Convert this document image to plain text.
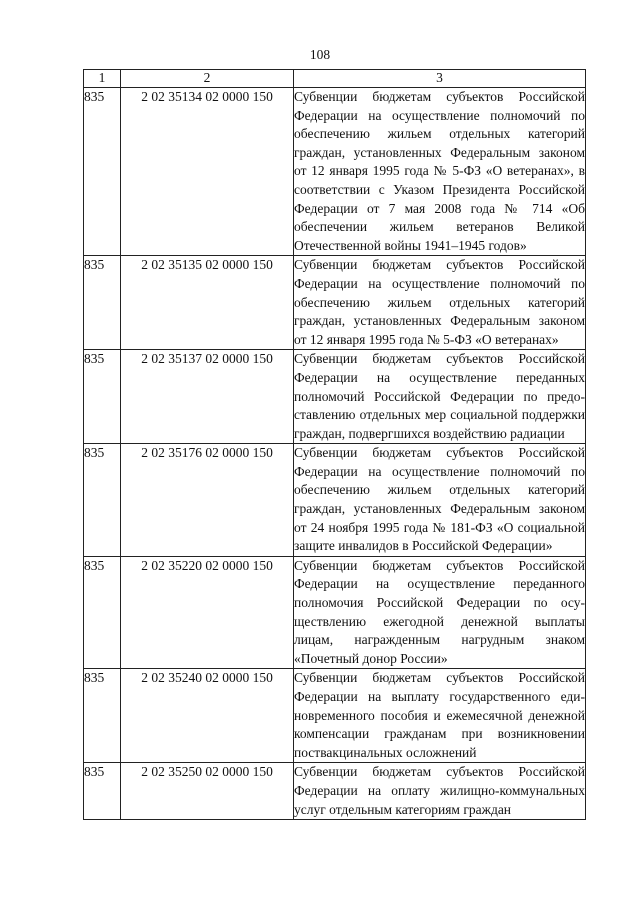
108
1	2	3
835	2 02 35134 02 0000 150	Субвенции бюджетам субъектов Российской Федерации на осуществление полномочий по обеспечению жильем отдельных категорий граждан, установленных Федеральным законом от 12 января 1995 года № 5-ФЗ «О ветеранах», в соответствии с Указом Президента Российской Федерации от 7 мая 2008 года № 714 «Об обеспечении жильем ветеранов Великой Отечественной войны 1941–1945 годов»
835	2 02 35135 02 0000 150	Субвенции бюджетам субъектов Российской Федерации на осуществление полномочий по обеспечению жильем отдельных категорий граждан, установленных Федеральным законом от 12 января 1995 года № 5-ФЗ «О ветеранах»
835	2 02 35137 02 0000 150	Субвенции бюджетам субъектов Российской Федерации на осуществление переданных полномочий Российской Федерации по предоставлению отдельных мер социальной поддержки граждан, подвергшихся воздействию радиации
835	2 02 35176 02 0000 150	Субвенции бюджетам субъектов Российской Федерации на осуществление полномочий по обеспечению жильем отдельных категорий граждан, установленных Федеральным законом от 24 ноября 1995 года № 181-ФЗ «О социальной защите инвалидов в Российской Федерации»
835	2 02 35220 02 0000 150	Субвенции бюджетам субъектов Российской Федерации на осуществление переданного полномочия Российской Федерации по осуществлению ежегодной денежной выплаты лицам, награжденным нагрудным знаком «Почетный донор России»
835	2 02 35240 02 0000 150	Субвенции бюджетам субъектов Российской Федерации на выплату государственного единовременного пособия и ежемесячной денежной компенсации гражданам при возникновении поствакцинальных осложнений
835	2 02 35250 02 0000 150	Субвенции бюджетам субъектов Российской Федерации на оплату жилищно-коммунальных услуг отдельным категориям граждан
